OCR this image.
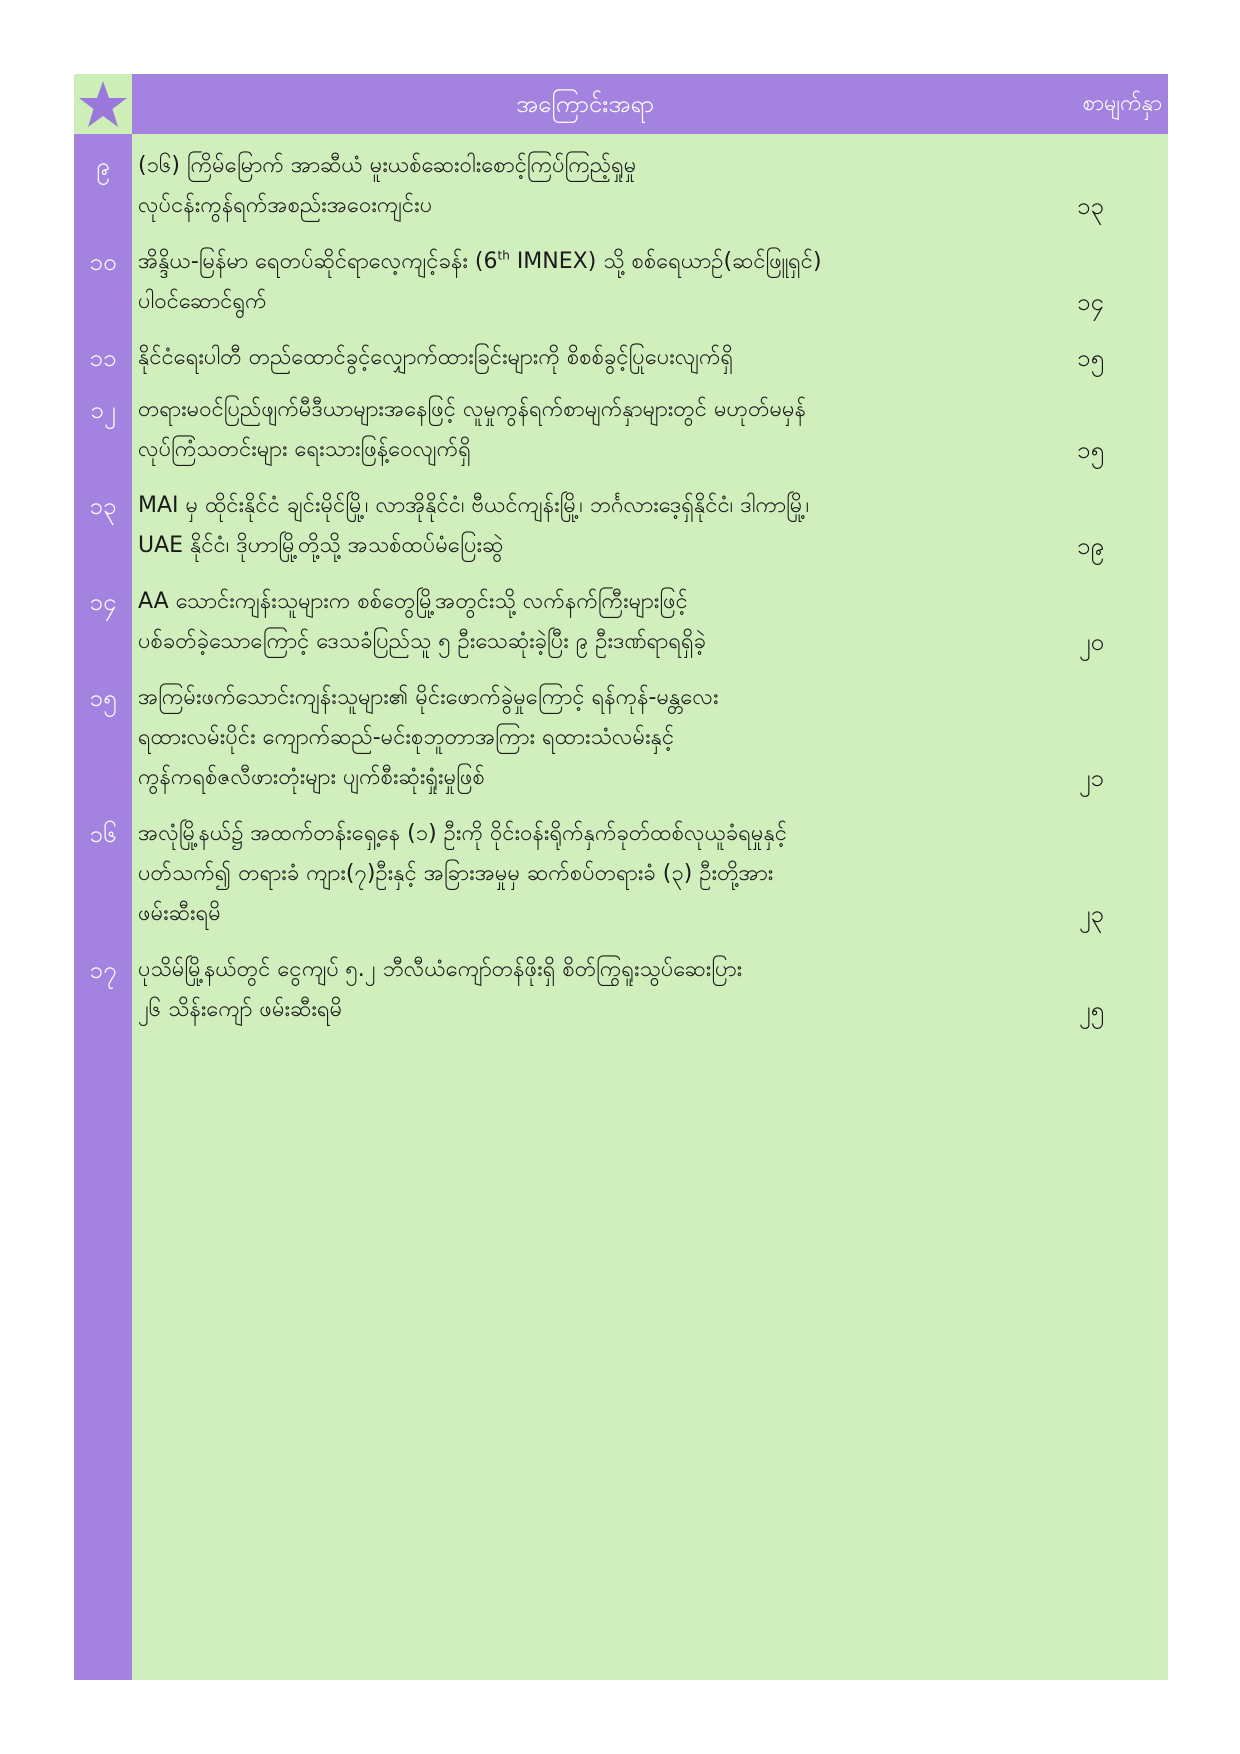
အကြောင်းအရာ	စာမျက်နှာ
၉	(၁၆) ကြိမ်မြောက် အာဆီယံ မူးယစ်ဆေးဝါးစောင့်ကြပ်ကြည့်ရှုမှု
လုပ်ငန်းကွန်ရက်အစည်းအဝေးကျင်းပ	၁၃
၁၀ အိန္ဒိယ-မြန်မာ ရေတပ်ဆိုင်ရာလေ့ကျင့်ခန်း (6th IMNEX) သို့ စစ်ရေယာဉ်(ဆင်ဖြူရှင်)
ပါဝင်ဆောင်ရွက်	၁၄
၁၁ နိုင်ငံရေးပါတီ တည်ထောင်ခွင့်လျှောက်ထားခြင်းများကို စိစစ်ခွင့်ပြုပေးလျက်ရှိ	၁၅
၁၂	တရားမဝင်ပြည်ဖျက်မီဒီယာများအနေဖြင့် လူမှုကွန်ရက်စာမျက်နှာများတွင် မဟုတ်မမှန်
လုပ်ကြံသတင်းများ ရေးသားဖြန့်ဝေလျက်ရှိ	၁၅
၁၃ MAI မှ ထိုင်းနိုင်ငံ ချင်းမိုင်မြို့၊ လာအိုနိုင်ငံ၊ ဗီယင်ကျန်းမြို့၊ ဘင်္ဂလားဒေ့ရှ်နိုင်ငံ၊ ဒါကာမြို့၊
UAE နိုင်ငံ၊ ဒိုဟာမြို့တို့သို့ အသစ်ထပ်မံပြေးဆွဲ	၁၉
၁၄ AA သောင်းကျန်းသူများက စစ်တွေမြို့အတွင်းသို့ လက်နက်ကြီးများဖြင့်
ပစ်ခတ်ခဲ့သောကြောင့် ဒေသခံပြည်သူ ၅ ဦးသေဆုံးခဲ့ပြီး ၉ ဦးဒဏ်ရာရရှိခဲ့	၂၀
၁၅ အကြမ်းဖက်သောင်းကျန်းသူများ၏ မိုင်းဖောက်ခွဲမှုကြောင့် ရန်ကုန်-မန္တလေး
ရထားလမ်းပိုင်း ကျောက်ဆည်-မင်းစုဘူတာအကြား ရထားသံလမ်းနှင့်
ကွန်ကရစ်ဇလီဖားတုံးများ ပျက်စီးဆုံးရှုံးမှုဖြစ်	၂၁
၁၆ အလုံမြို့နယ်၌ အထက်တန်းရှေ့နေ (၁) ဦးကို ဝိုင်းဝန်းရိုက်နှက်ခုတ်ထစ်လုယူခံရမှုနှင့်
ပတ်သက်၍ တရားခံ ကျား(၇)ဦးနှင့် အခြားအမှုမှ ဆက်စပ်တရားခံ (၃) ဦးတို့အား
ဖမ်းဆီးရမိ	၂၃
၁၇ ပုသိမ်မြို့နယ်တွင် ငွေကျပ် ၅.၂ ဘီလီယံကျော်တန်ဖိုးရှိ စိတ်ကြွရူးသွပ်ဆေးပြား
၂၆ သိန်းကျော် ဖမ်းဆီးရမိ	၂၅
